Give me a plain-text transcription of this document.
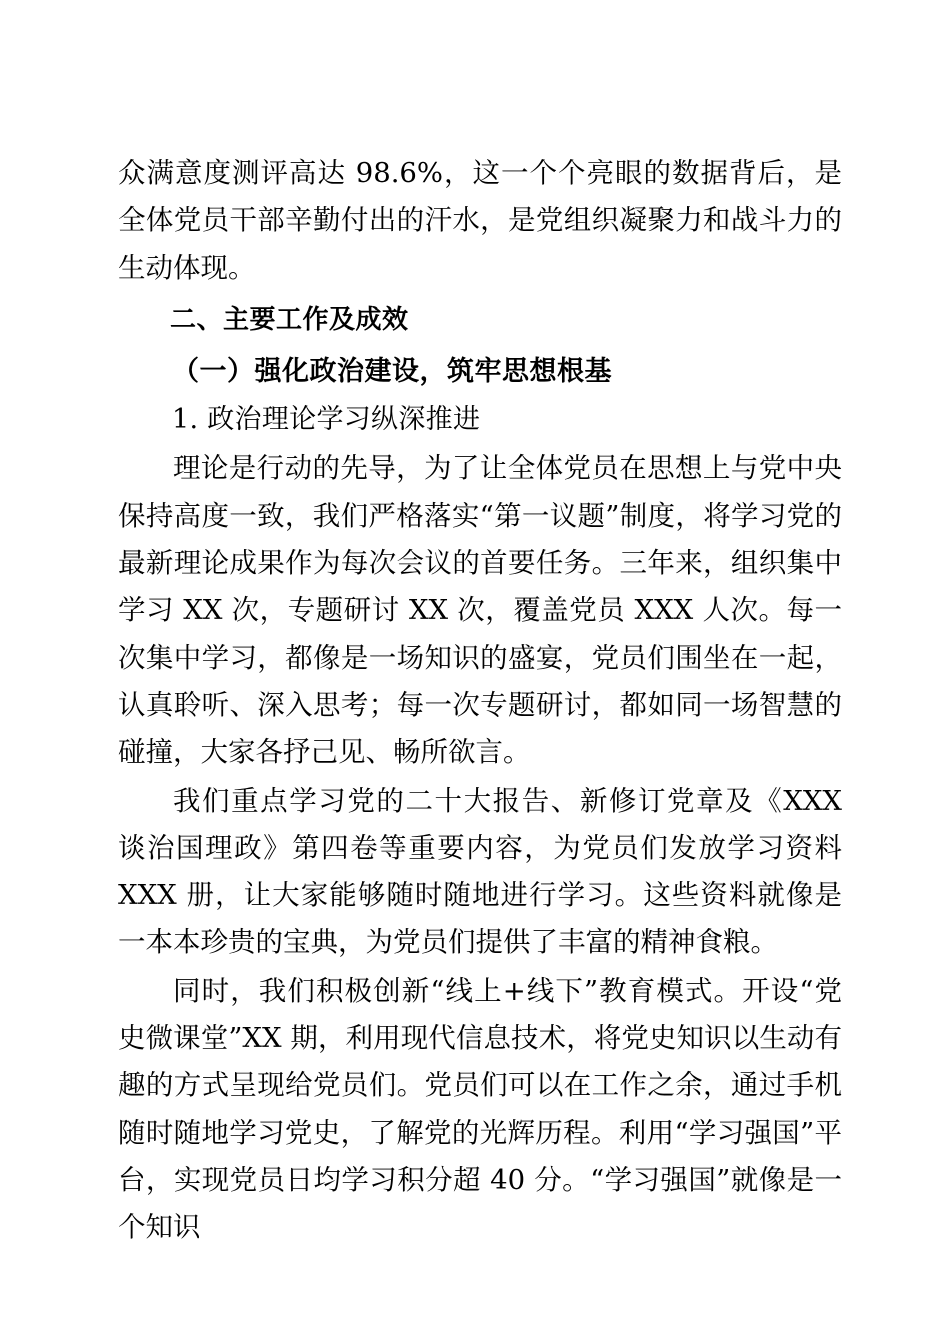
众满意度测评高达 98.6%，这一个个亮眼的数据背后，是全体党员干部辛勤付出的汗水，是党组织凝聚力和战斗力的生动体现。

二、主要工作及成效

（一）强化政治建设，筑牢思想根基

1. 政治理论学习纵深推进

理论是行动的先导，为了让全体党员在思想上与党中央保持高度一致，我们严格落实“第一议题”制度，将学习党的最新理论成果作为每次会议的首要任务。三年来，组织集中学习 XX 次，专题研讨 XX 次，覆盖党员 XXX 人次。每一次集中学习，都像是一场知识的盛宴，党员们围坐在一起，认真聆听、深入思考；每一次专题研讨，都如同一场智慧的碰撞，大家各抒己见、畅所欲言。

我们重点学习党的二十大报告、新修订党章及《XXX 谈治国理政》第四卷等重要内容，为党员们发放学习资料 XXX 册，让大家能够随时随地进行学习。这些资料就像是一本本珍贵的宝典，为党员们提供了丰富的精神食粮。

同时，我们积极创新“线上+线下”教育模式。开设“党史微课堂”XX 期，利用现代信息技术，将党史知识以生动有趣的方式呈现给党员们。党员们可以在工作之余，通过手机随时随地学习党史，了解党的光辉历程。利用“学习强国”平台，实现党员日均学习积分超 40 分。“学习强国”就像是一个知识
